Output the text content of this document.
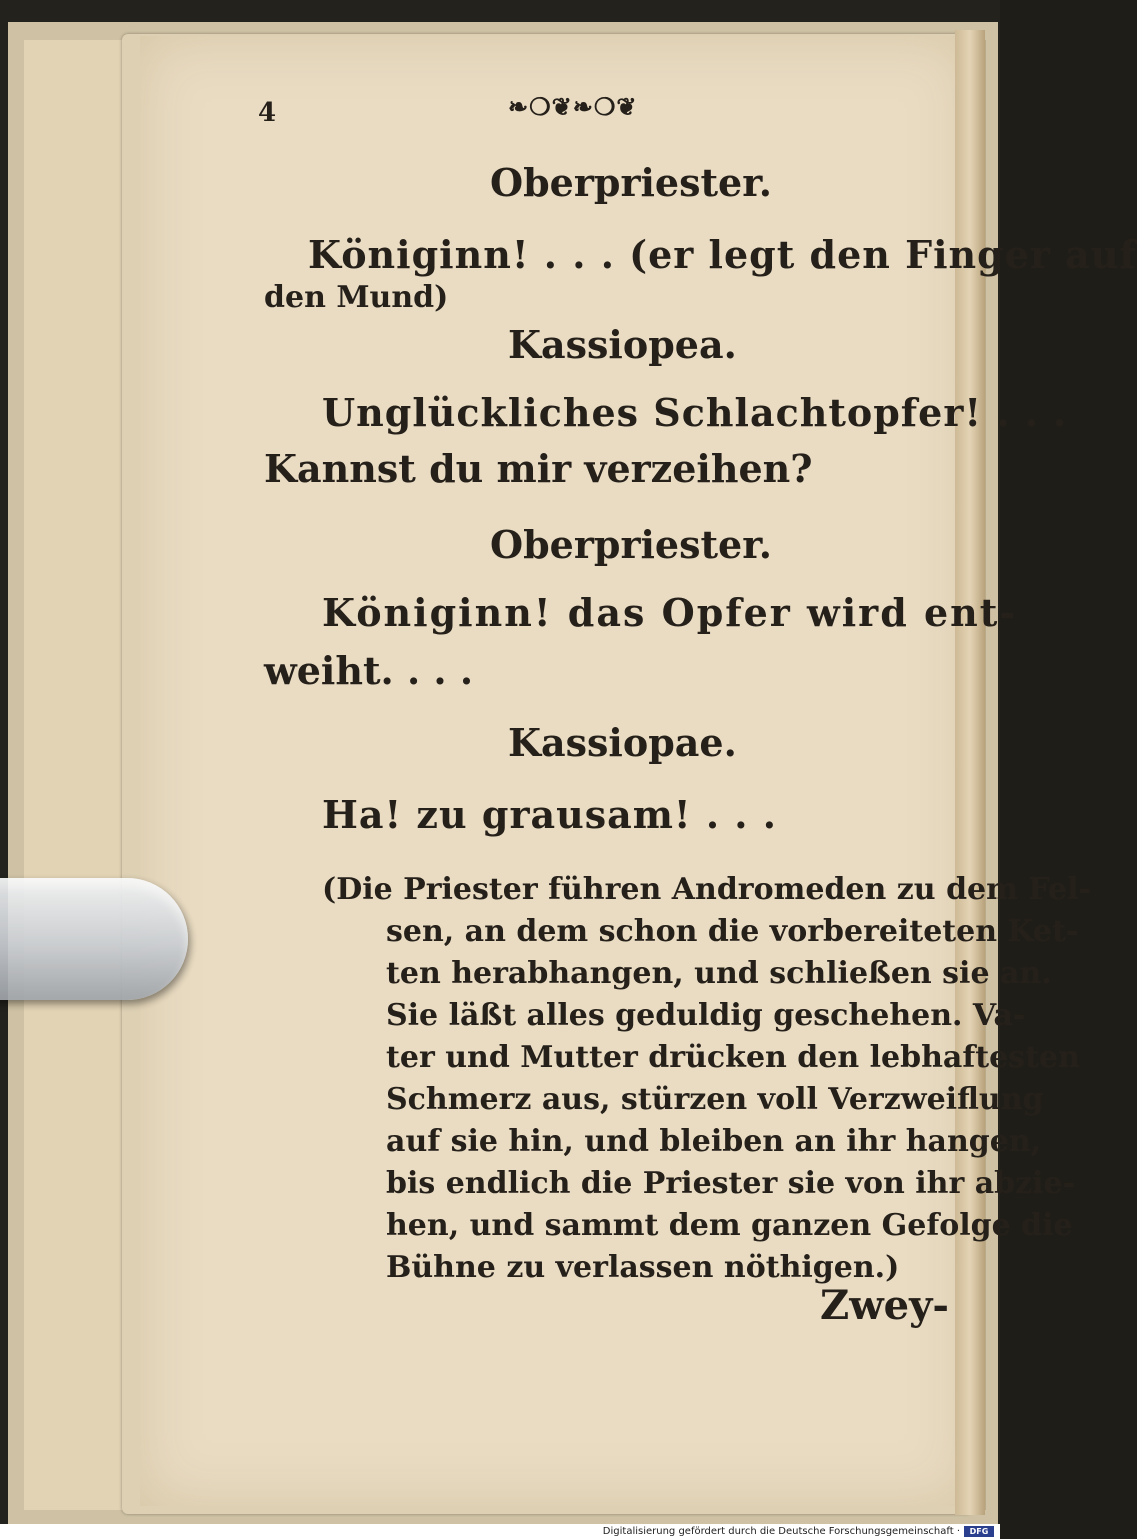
4	❧❍❦❧❍❦
Oberpriester.
Königinn! . . . (er legt den Finger auf
den Mund)
Kassiopea.
Unglückliches Schlachtopfer! . . .
Kannst du mir verzeihen?
Oberpriester.
Königinn! das Opfer wird ent-
weiht. . . .
Kassiopae.
Ha! zu grausam! . . .
(Die Priester führen Andromeden zu dem Fel-
sen, an dem schon die vorbereiteten Ket-
ten herabhangen, und schließen sie an.
Sie läßt alles geduldig geschehen. Va-
ter und Mutter drücken den lebhaftesten
Schmerz aus, stürzen voll Verzweiflung
auf sie hin, und bleiben an ihr hangen,
bis endlich die Priester sie von ihr abzie-
hen, und sammt dem ganzen Gefolge die
Bühne zu verlassen nöthigen.)
Zwey-
Digitalisierung gefördert durch die Deutsche Forschungsgemeinschaft ·	DFG
